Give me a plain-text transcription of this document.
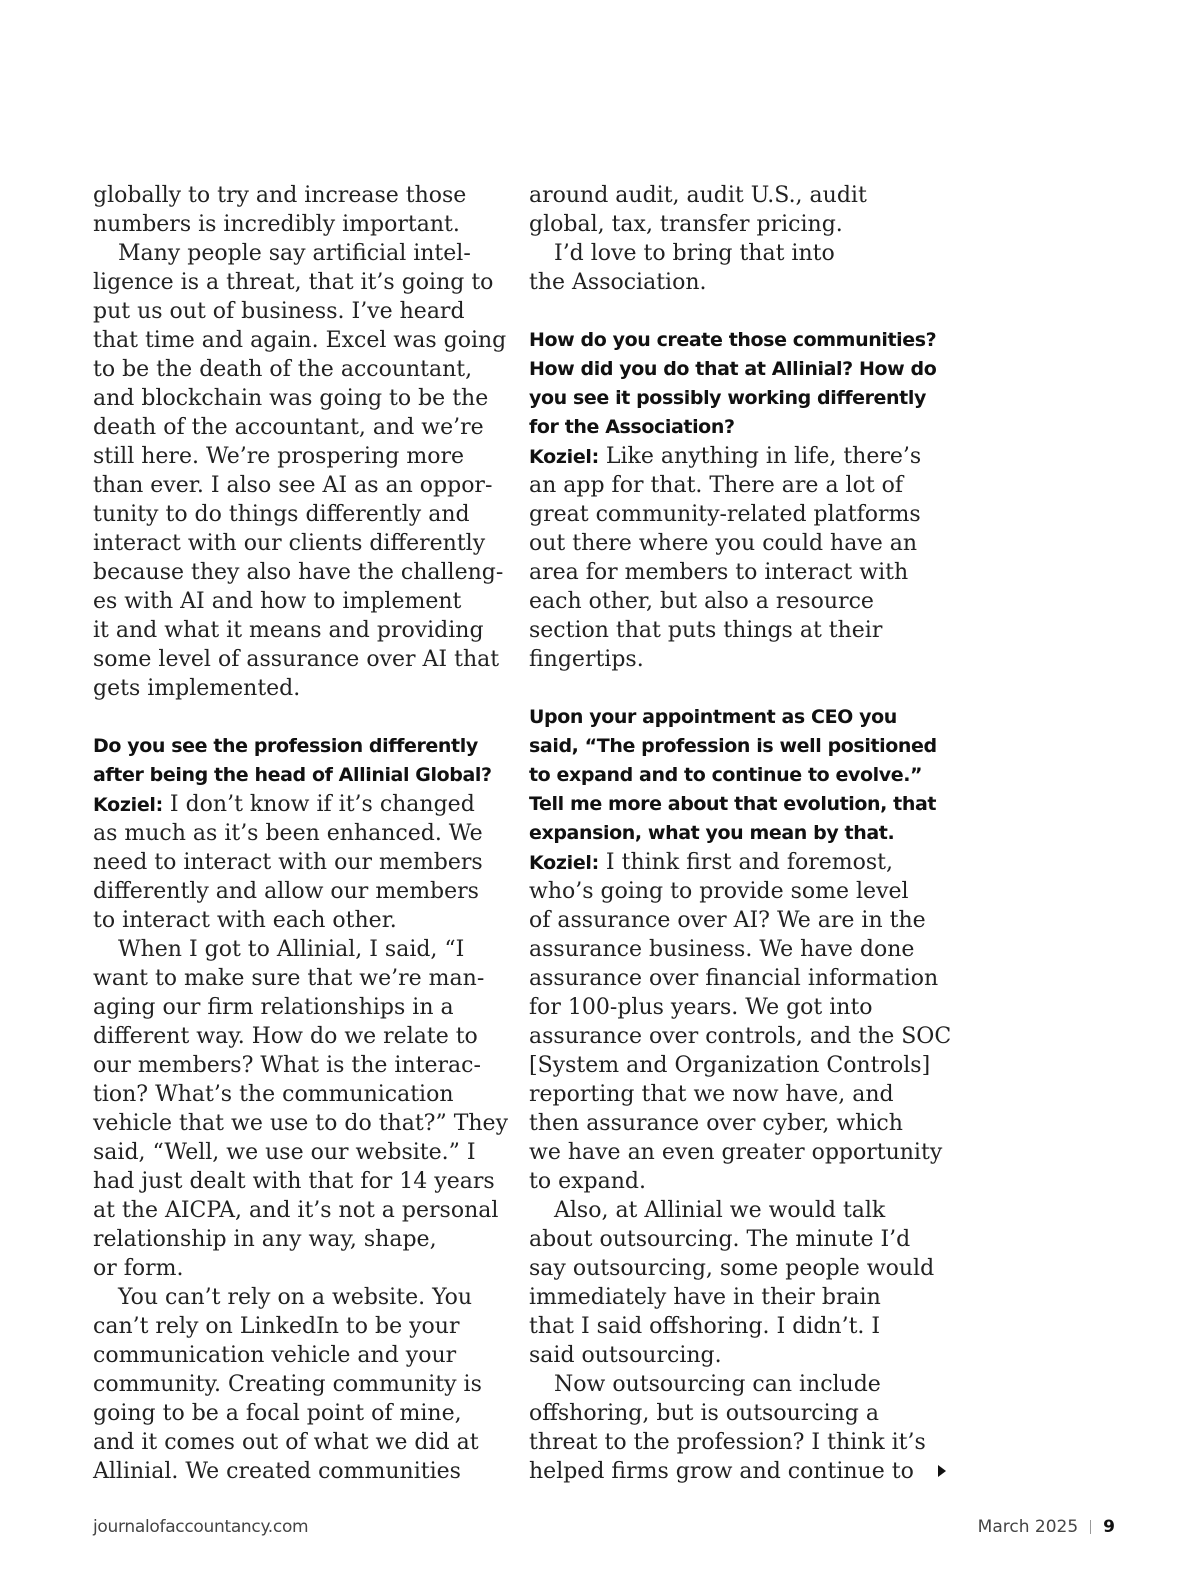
globally to try and increase those
numbers is incredibly important.
Many people say artificial intel-
ligence is a threat, that it’s going to
put us out of business. I’ve heard
that time and again. Excel was going
to be the death of the accountant,
and blockchain was going to be the
death of the accountant, and we’re
still here. We’re prospering more
than ever. I also see AI as an oppor-
tunity to do things differently and
interact with our clients differently
because they also have the challeng-
es with AI and how to implement
it and what it means and providing
some level of assurance over AI that
gets implemented.
Do you see the profession differently
after being the head of Allinial Global?
Koziel: I don’t know if it’s changed
as much as it’s been enhanced. We
need to interact with our members
differently and allow our members
to interact with each other.
When I got to Allinial, I said, “I
want to make sure that we’re man-
aging our firm relationships in a
different way. How do we relate to
our members? What is the interac-
tion? What’s the communication
vehicle that we use to do that?” They
said, “Well, we use our website.” I
had just dealt with that for 14 years
at the AICPA, and it’s not a personal
relationship in any way, shape,
or form.
You can’t rely on a website. You
can’t rely on LinkedIn to be your
communication vehicle and your
community. Creating community is
going to be a focal point of mine,
and it comes out of what we did at
Allinial. We created communities
around audit, audit U.S., audit
global, tax, transfer pricing.
I’d love to bring that into
the Association.
How do you create those communities?
How did you do that at Allinial? How do
you see it possibly working differently
for the Association?
Koziel: Like anything in life, there’s
an app for that. There are a lot of
great community-related platforms
out there where you could have an
area for members to interact with
each other, but also a resource
section that puts things at their
fingertips.
Upon your appointment as CEO you
said, “The profession is well positioned
to expand and to continue to evolve.”
Tell me more about that evolution, that
expansion, what you mean by that.
Koziel: I think first and foremost,
who’s going to provide some level
of assurance over AI? We are in the
assurance business. We have done
assurance over financial information
for 100-plus years. We got into
assurance over controls, and the SOC
[System and Organization Controls]
reporting that we now have, and
then assurance over cyber, which
we have an even greater opportunity
to expand.
Also, at Allinial we would talk
about outsourcing. The minute I’d
say outsourcing, some people would
immediately have in their brain
that I said offshoring. I didn’t. I
said outsourcing.
Now outsourcing can include
offshoring, but is outsourcing a
threat to the profession? I think it’s
helped firms grow and continue to
journalofaccountancy.com	March 2025 9
